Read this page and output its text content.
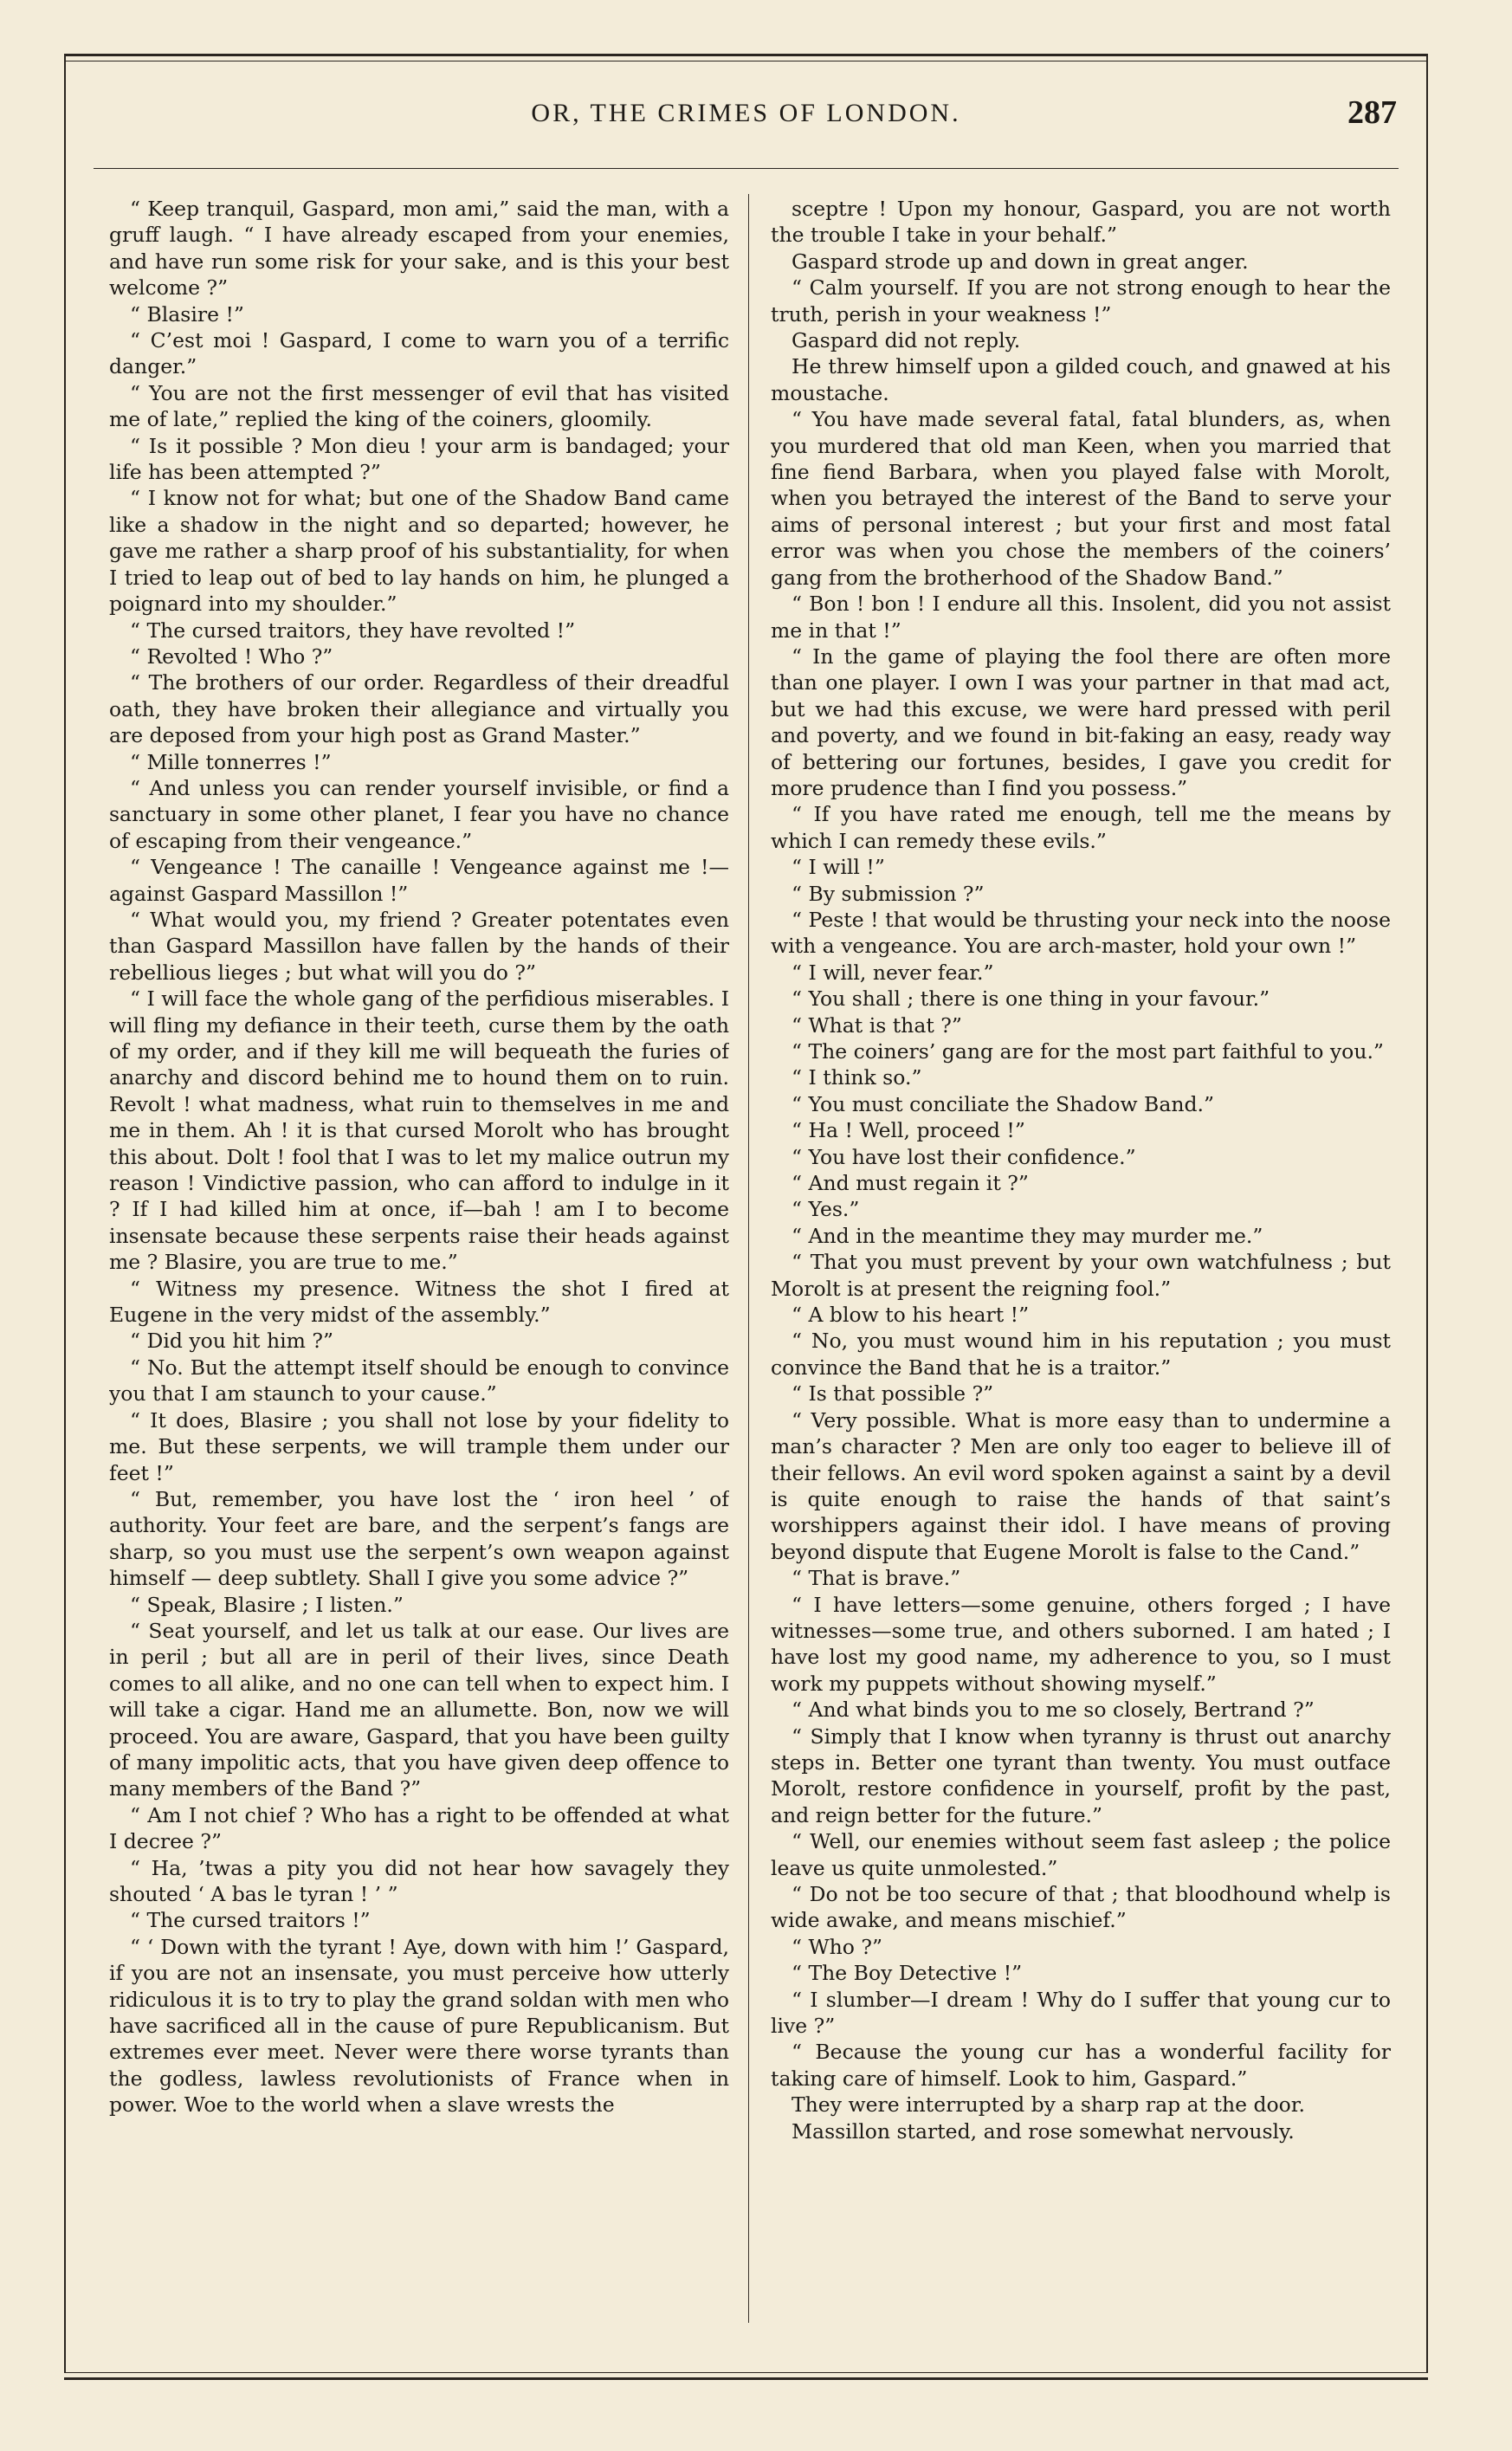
OR, THE CRIMES OF LONDON.	287

“ Keep tranquil, Gaspard, mon ami,” said the man, with a gruff laugh. “ I have already escaped from your enemies, and have run some risk for your sake, and is this your best welcome ?”

“ Blasire !”

“ C’est moi ! Gaspard, I come to warn you of a terrific danger.”

“ You are not the first messenger of evil that has visited me of late,” replied the king of the coiners, gloomily.

“ Is it possible ? Mon dieu ! your arm is bandaged; your life has been attempted ?”

“ I know not for what; but one of the Shadow Band came like a shadow in the night and so departed; however, he gave me rather a sharp proof of his substantiality, for when I tried to leap out of bed to lay hands on him, he plunged a poignard into my shoulder.”

“ The cursed traitors, they have revolted !”

“ Revolted ! Who ?”

“ The brothers of our order. Regardless of their dreadful oath, they have broken their allegiance and virtually you are deposed from your high post as Grand Master.”

“ Mille tonnerres !”

“ And unless you can render yourself invisible, or find a sanctuary in some other planet, I fear you have no chance of escaping from their vengeance.”

“ Vengeance ! The canaille ! Vengeance against me !—against Gaspard Massillon !”

“ What would you, my friend ? Greater potentates even than Gaspard Massillon have fallen by the hands of their rebellious lieges ; but what will you do ?”

“ I will face the whole gang of the perfidious miserables. I will fling my defiance in their teeth, curse them by the oath of my order, and if they kill me will bequeath the furies of anarchy and discord behind me to hound them on to ruin. Revolt ! what madness, what ruin to themselves in me and me in them. Ah ! it is that cursed Morolt who has brought this about. Dolt ! fool that I was to let my malice outrun my reason ! Vindictive passion, who can afford to indulge in it ? If I had killed him at once, if—bah ! am I to become insensate because these serpents raise their heads against me ? Blasire, you are true to me.”

“ Witness my presence. Witness the shot I fired at Eugene in the very midst of the assembly.”

“ Did you hit him ?”

“ No. But the attempt itself should be enough to convince you that I am staunch to your cause.”

“ It does, Blasire ; you shall not lose by your fidelity to me. But these serpents, we will trample them under our feet !”

“ But, remember, you have lost the ‘ iron heel ’ of authority. Your feet are bare, and the serpent’s fangs are sharp, so you must use the serpent’s own weapon against himself — deep subtlety. Shall I give you some advice ?”

“ Speak, Blasire ; I listen.”

“ Seat yourself, and let us talk at our ease. Our lives are in peril ; but all are in peril of their lives, since Death comes to all alike, and no one can tell when to expect him. I will take a cigar. Hand me an allumette. Bon, now we will proceed. You are aware, Gaspard, that you have been guilty of many impolitic acts, that you have given deep offence to many members of the Band ?”

“ Am I not chief ? Who has a right to be offended at what I decree ?”

“ Ha, ’twas a pity you did not hear how savagely they shouted ‘ A bas le tyran ! ’ ”

“ The cursed traitors !”

“ ‘ Down with the tyrant ! Aye, down with him !’ Gaspard, if you are not an insensate, you must perceive how utterly ridiculous it is to try to play the grand soldan with men who have sacrificed all in the cause of pure Republicanism. But extremes ever meet. Never were there worse tyrants than the godless, lawless revolutionists of France when in power. Woe to the world when a slave wrests the

sceptre ! Upon my honour, Gaspard, you are not worth the trouble I take in your behalf.”

Gaspard strode up and down in great anger.

“ Calm yourself. If you are not strong enough to hear the truth, perish in your weakness !”

Gaspard did not reply.

He threw himself upon a gilded couch, and gnawed at his moustache.

“ You have made several fatal, fatal blunders, as, when you murdered that old man Keen, when you married that fine fiend Barbara, when you played false with Morolt, when you betrayed the interest of the Band to serve your aims of personal interest ; but your first and most fatal error was when you chose the members of the coiners’ gang from the brotherhood of the Shadow Band.”

“ Bon ! bon ! I endure all this. Insolent, did you not assist me in that !”

“ In the game of playing the fool there are often more than one player. I own I was your partner in that mad act, but we had this excuse, we were hard pressed with peril and poverty, and we found in bit-faking an easy, ready way of bettering our fortunes, besides, I gave you credit for more prudence than I find you possess.”

“ If you have rated me enough, tell me the means by which I can remedy these evils.”

“ I will !”

“ By submission ?”

“ Peste ! that would be thrusting your neck into the noose with a vengeance. You are arch-master, hold your own !”

“ I will, never fear.”

“ You shall ; there is one thing in your favour.”

“ What is that ?”

“ The coiners’ gang are for the most part faithful to you.”

“ I think so.”

“ You must conciliate the Shadow Band.”

“ Ha ! Well, proceed !”

“ You have lost their confidence.”

“ And must regain it ?”

“ Yes.”

“ And in the meantime they may murder me.”

“ That you must prevent by your own watchfulness ; but Morolt is at present the reigning fool.”

“ A blow to his heart !”

“ No, you must wound him in his reputation ; you must convince the Band that he is a traitor.”

“ Is that possible ?”

“ Very possible. What is more easy than to undermine a man’s character ? Men are only too eager to believe ill of their fellows. An evil word spoken against a saint by a devil is quite enough to raise the hands of that saint’s worshippers against their idol. I have means of proving beyond dispute that Eugene Morolt is false to the Cand.”

“ That is brave.”

“ I have letters—some genuine, others forged ; I have witnesses—some true, and others suborned. I am hated ; I have lost my good name, my adherence to you, so I must work my puppets without showing myself.”

“ And what binds you to me so closely, Bertrand ?”

“ Simply that I know when tyranny is thrust out anarchy steps in. Better one tyrant than twenty. You must outface Morolt, restore confidence in yourself, profit by the past, and reign better for the future.”

“ Well, our enemies without seem fast asleep ; the police leave us quite unmolested.”

“ Do not be too secure of that ; that bloodhound whelp is wide awake, and means mischief.”

“ Who ?”

“ The Boy Detective !”

“ I slumber—I dream ! Why do I suffer that young cur to live ?”

“ Because the young cur has a wonderful facility for taking care of himself. Look to him, Gaspard.”

They were interrupted by a sharp rap at the door.

Massillon started, and rose somewhat nervously.
